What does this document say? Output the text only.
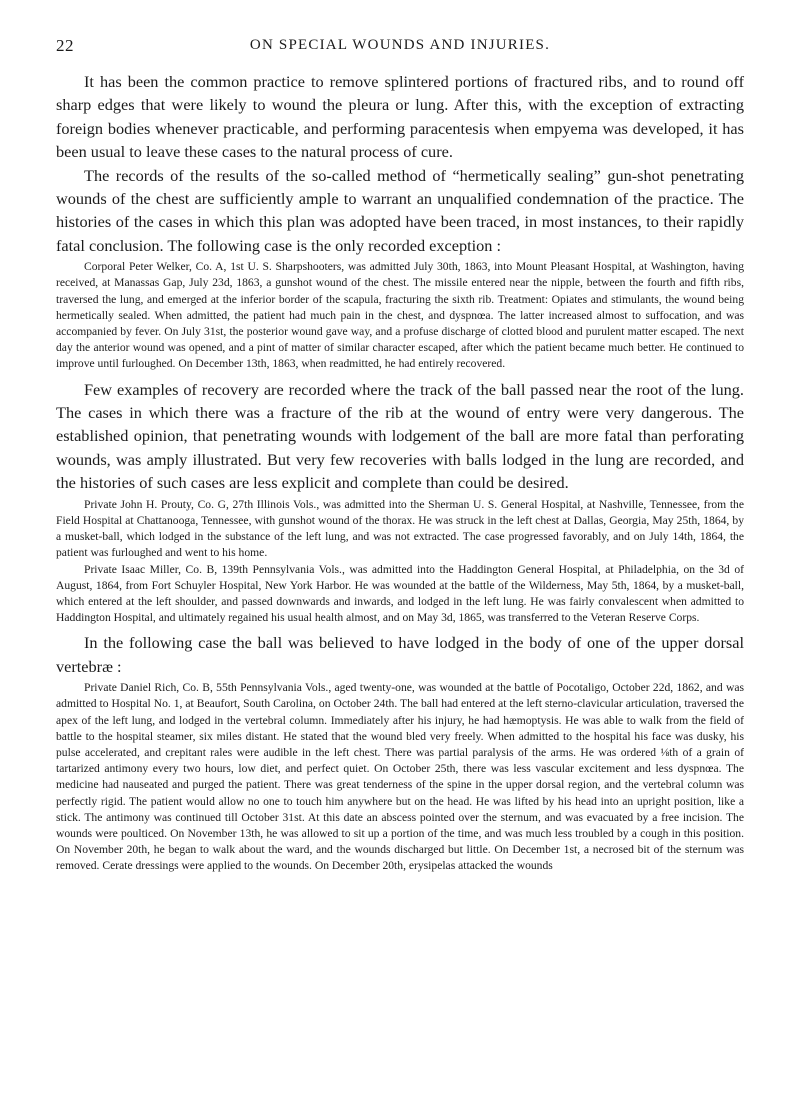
22	ON SPECIAL WOUNDS AND INJURIES.

It has been the common practice to remove splintered portions of fractured ribs, and to round off sharp edges that were likely to wound the pleura or lung. After this, with the exception of extracting foreign bodies whenever practicable, and performing paracentesis when empyema was developed, it has been usual to leave these cases to the natural process of cure.

The records of the results of the so-called method of “hermetically sealing” gun-shot penetrating wounds of the chest are sufficiently ample to warrant an unqualified condemnation of the practice. The histories of the cases in which this plan was adopted have been traced, in most instances, to their rapidly fatal conclusion. The following case is the only recorded exception :

Corporal Peter Welker, Co. A, 1st U. S. Sharpshooters, was admitted July 30th, 1863, into Mount Pleasant Hospital, at Washington, having received, at Manassas Gap, July 23d, 1863, a gunshot wound of the chest. The missile entered near the nipple, between the fourth and fifth ribs, traversed the lung, and emerged at the inferior border of the scapula, fracturing the sixth rib. Treatment: Opiates and stimulants, the wound being hermetically sealed. When admitted, the patient had much pain in the chest, and dyspnœa. The latter increased almost to suffocation, and was accompanied by fever. On July 31st, the posterior wound gave way, and a profuse discharge of clotted blood and purulent matter escaped. The next day the anterior wound was opened, and a pint of matter of similar character escaped, after which the patient became much better. He continued to improve until furloughed. On December 13th, 1863, when readmitted, he had entirely recovered.

Few examples of recovery are recorded where the track of the ball passed near the root of the lung. The cases in which there was a fracture of the rib at the wound of entry were very dangerous. The established opinion, that penetrating wounds with lodgement of the ball are more fatal than perforating wounds, was amply illustrated. But very few recoveries with balls lodged in the lung are recorded, and the histories of such cases are less explicit and complete than could be desired.

Private John H. Prouty, Co. G, 27th Illinois Vols., was admitted into the Sherman U. S. General Hospital, at Nashville, Tennessee, from the Field Hospital at Chattanooga, Tennessee, with gunshot wound of the thorax. He was struck in the left chest at Dallas, Georgia, May 25th, 1864, by a musket-ball, which lodged in the substance of the left lung, and was not extracted. The case progressed favorably, and on July 14th, 1864, the patient was furloughed and went to his home.

Private Isaac Miller, Co. B, 139th Pennsylvania Vols., was admitted into the Haddington General Hospital, at Philadelphia, on the 3d of August, 1864, from Fort Schuyler Hospital, New York Harbor. He was wounded at the battle of the Wilderness, May 5th, 1864, by a musket-ball, which entered at the left shoulder, and passed downwards and inwards, and lodged in the left lung. He was fairly convalescent when admitted to Haddington Hospital, and ultimately regained his usual health almost, and on May 3d, 1865, was transferred to the Veteran Reserve Corps.

In the following case the ball was believed to have lodged in the body of one of the upper dorsal vertebræ :

Private Daniel Rich, Co. B, 55th Pennsylvania Vols., aged twenty-one, was wounded at the battle of Pocotaligo, October 22d, 1862, and was admitted to Hospital No. 1, at Beaufort, South Carolina, on October 24th. The ball had entered at the left sterno-clavicular articulation, traversed the apex of the left lung, and lodged in the vertebral column. Immediately after his injury, he had hæmoptysis. He was able to walk from the field of battle to the hospital steamer, six miles distant. He stated that the wound bled very freely. When admitted to the hospital his face was dusky, his pulse accelerated, and crepitant rales were audible in the left chest. There was partial paralysis of the arms. He was ordered ⅛th of a grain of tartarized antimony every two hours, low diet, and perfect quiet. On October 25th, there was less vascular excitement and less dyspnœa. The medicine had nauseated and purged the patient. There was great tenderness of the spine in the upper dorsal region, and the vertebral column was perfectly rigid. The patient would allow no one to touch him anywhere but on the head. He was lifted by his head into an upright position, like a stick. The antimony was continued till October 31st. At this date an abscess pointed over the sternum, and was evacuated by a free incision. The wounds were poulticed. On November 13th, he was allowed to sit up a portion of the time, and was much less troubled by a cough in this position. On November 20th, he began to walk about the ward, and the wounds discharged but little. On December 1st, a necrosed bit of the sternum was removed. Cerate dressings were applied to the wounds. On December 20th, erysipelas attacked the wounds
